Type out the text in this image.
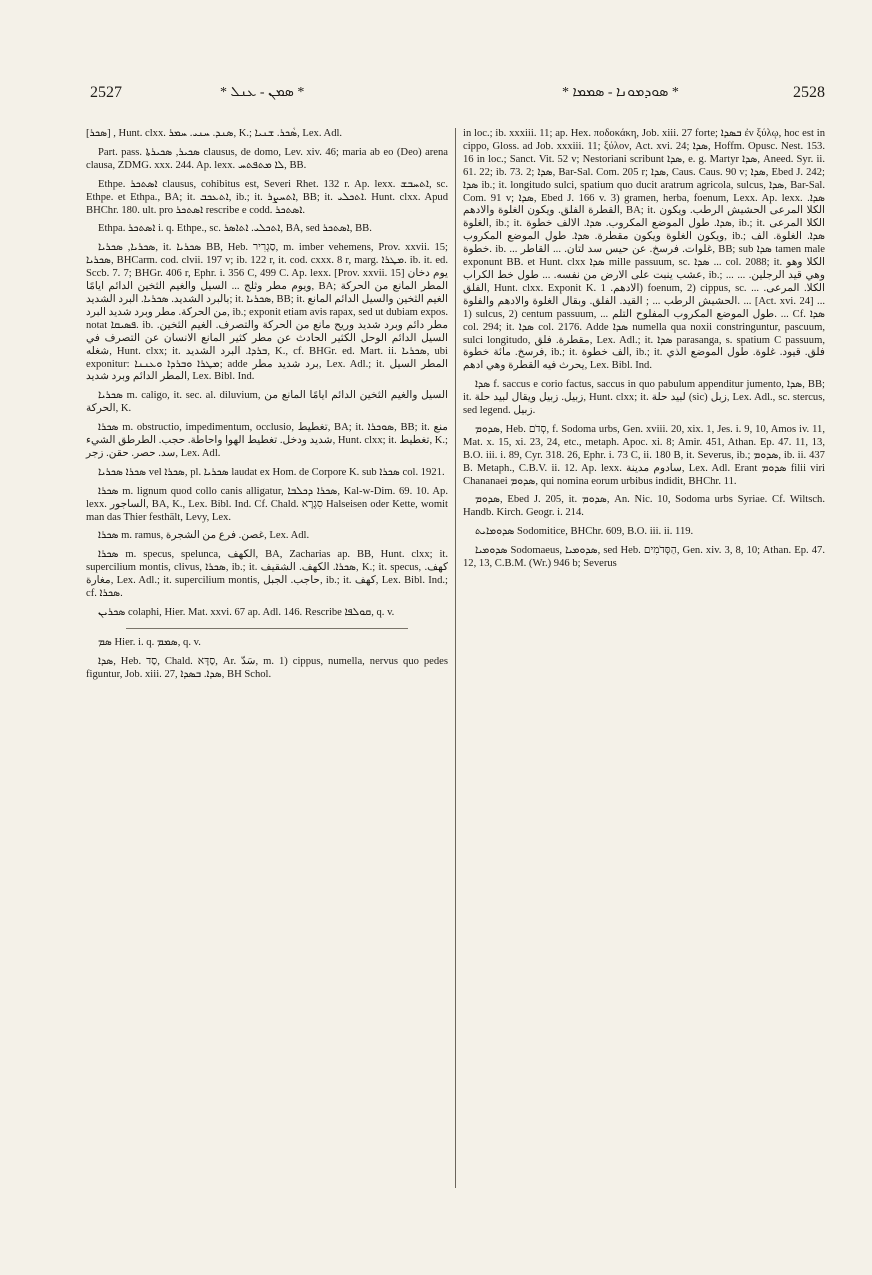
2527	* ܣܡܢ - ܥܢܠ *	* ܣܘܕܡܘܢܐ - ܣܡܡܐ *	2528

[ܣܟܪ] , Hunt. clxx. ܣܢܕ. ܚܢܝ. ܚܡܪ, K.; ܣܵܟܪ. ܫܢܝܐ, Lex. Adl.

Part. pass. ܣܟܝܪ, ܣܟܝܪܬܐ clausus, de domo, Lev. xiv. 46; maria ab eo (Deo) arena clausa, ZDMG. xxx. 244. Ap. lexx. ܠܐ ܡܬܦܬܚ, BB.

Ethpe. ܐܣܬܟܪ clausus, cohibitus est, Severi Rhet. 132 r. Ap. lexx. ܐܬܚܒܫ, sc. Ethpe. et Ethpa., BA; it. ܐܬܥܟܒ, ib.; it. ܐܬܚܨܪ, BB; it. ܐܬܟܠܝ. Hunt. clxx. Apud BHChr. 180. ult. pro ܐܣܬܟܪ rescribe e codd. ܐܣܬܟܪ.

Ethpa. ܐܣܬܟܪ i. q. Ethpe., sc. ܐܬܟܠܝ. ܐܬܐܣܪ, BA, sed ܐܣܬܟܪ, BB.

ܣܟܪܝܐ, ܣܟܪܝܐ, it. ܣܟܪܝܐ BB, Heb. סַגְרִיר, m. imber vehemens, Prov. xxvii. 15; ܣܟܪܝܐ, BHCarm. cod. clvii. 197 v; ib. 122 r, it. cod. cxxx. 8 r, marg. ܡܛܪܐ. ib. it. ed. Sccb. 7. 7; BHGr. 406 r, Ephr. i. 356 C, 499 C. Ap. lexx. [Prov. xxvii. 15] يوم دخان ويوم مطر وثلج ... السيل والغيم الثخين الدائم ايامًا, BA; المطر المانع من الحركة بالبرد الشديد. ܣܟܪܝܐ. البرد الشديد; it. ܣܟܪܝܐ, BB; it. الغيم الثخين والسيل الدائم المانع من الحركة. مطر وبرد شديد البرد, ib.; exponit etiam avis rapax, sed ut dubiam expos. notat ܦܣܝܩܐ. ib. مطر دائم وبرد شديد وريح مانع من الحركة والتصرف. الغيم الثخين. السيل الدائم الوحل الكثير الحادث عن مطر كثير المانع الانسان عن التصرف في شغله, Hunt. clxx; it. ܒܪܕܐ. البرد الشديد, K., cf. BHGr. ed. Mart. ii. ܣܟܪܝܐ, ubi exponitur: ܡܛܪܐ ܘܒܪܕܐ ܘܥܢܢܐ; adde برد شديد مطر, Lex. Adl.; it. المطر السيل المطر الدائم وبرد شديد, Lex. Bibl. Ind.

ܣܟܪܝܐ m. caligo, it. sec. al. diluvium, السيل والغيم الثخين الدائم ايامًا المانع من الحركة, K.

ܣܟܪܐ m. obstructio, impedimentum, occlusio, تغطيط, BA; it. ܣܘܟܪܐ, BB; it. منع شديد ودخل. تغطيط الهوا واحاطة. حجب. الطرطق الشيء, Hunt. clxx; it. تغطيط, K.; سد. حصر. حقن. زجر, Lex. Adl.

ܣܟܪܐ ܣܟܪܝܐ vel ܣܟܪܐ, pl. ܣܟܪܝܐ laudat ex Hom. de Corpore K. sub ܣܟܪܐ col. 1921.

ܣܟܪܐ m. lignum quod collo canis alligatur, ܣܟܪܐ ܕܟܠܒܐ, Kal-w-Dim. 69. 10. Ap. lexx. الساجور, BA, K., Lex. Bibl. Ind. Cf. Chald. סִגְרָא Halseisen oder Kette, womit man das Thier festhält, Levy, Lex.

ܣܟܪܐ m. ramus, غصن. فرع من الشجرة, Lex. Adl.

ܣܟܪܐ m. specus, spelunca, الكهف, BA, Zacharias ap. BB, Hunt. clxx; it. supercilium montis, clivus, ܣܟܪܐ, ib.; it. ܣܟܪܐ. الكهف. الشقيف, K.; it. specus, كهف. مغارة, Lex. Adl.; it. supercilium montis, حاجب. الجبل, ib.; it. كهف, Lex. Bibl. Ind.; cf. ܣܟܪܐ.

ܣܟܪܝܢ colaphi, Hier. Mat. xxvi. 67 ap. Adl. 146. Rescribe ܩܘܠܦܐ, q. v.

ܣܡ Hier. i. q. ܣܡܡ, q. v.

ܣܕܐ, Heb. סַד, Chald. סַדָּא, Ar. سَدّ, m. 1) cippus, numella, nervus quo pedes figuntur, Job. xiii. 27, ܣܕܐ. ܒܣܕܐ, BH Schol.

in loc.; ib. xxxiii. 11; ap. Hex. ποδοκάκη, Job. xiii. 27 forte; ܒܣܕܐ ἐν ξύλῳ, hoc est in cippo, Gloss. ad Job. xxxiii. 11; ξύλον, Act. xvi. 24; ܣܕܐ, Hoffm. Opusc. Nest. 153. 16 in loc.; Sanct. Vit. 52 v; Nestoriani scribunt ܣܕܐ, e. g. Martyr ܣܕܐ, Aneed. Syr. ii. 61. 22; ib. 73. 2; ܣܕܐ, Bar-Sal. Com. 205 r; ܣܕܐ, Caus. Caus. 90 v; ܣܕܐ, Ebed J. 242; ܣܕܐ ib.; it. longitudo sulci, spatium quo ducit aratrum agricola, sulcus, ܣܕܐ, Bar-Sal. Com. 91 v; ܣܕܐ, Ebed J. 166 v. 3) gramen, herba, foenum, Lexx. Ap. lexx. ܣܕܐ. القطرة الفلق. ويكون الغلوة والادهم, BA; it. الكلا المرعى الحشيش الرطب. ويكون الغلوة, ib.; it. ܣܕܐ. طول الموضع المكروب. ܣܕܐ. الالف خطوة, ib.; it. الكلا المرعى ويكون الغلوة ويكون مقطرة. ܣܕܐ. طول الموضع المكروب, ib.; ܣܕܐ. الغلوة. الف خطوة. ib. ... غلوات. فرسخ. عن حيس سد لتان. ... القاطر, BB; sub ܣܕܐ tamen male exponunt BB. et Hunt. clxx ܣܕܐ mille passuum, sc. ܣܕܐ ... col. 2088; it. الكلا وهو عشب ينبت على الارض من نفسه. ... طول خط الكراب, ib.; ... وهي قيد الرجلين. ... الفلق, Hunt. clxx. Exponit K. الادهم. 1) foenum, 2) cippus, sc. ... الكلا. المرعى. الحشيش الرطب ... ; القيد. الفلق. وبقال الغلوة والادهم والفلوة. ... [Act. xvi. 24] ... 1) sulcus, 2) centum passuum, ... طول الموضع المكروب المفلوح التلم. ... Cf. ܣܕܐ col. 294; it. ܣܕܐ col. 2176. Adde ܣܕܐ numella qua noxii constringuntur, pascuum, sulci longitudo, مقطرة. فلق, Lex. Adl.; it. ܣܕܐ parasanga, s. spatium C passuum, فرسخ. مائة خطوة, ib.; it. الف خطوة, ib.; it. فلق. قيود. غلوة. طول الموضع الذي يحرث فيه القطرة وهي ادهم, Lex. Bibl. Ind.

ܣܕܐ f. saccus e corio factus, saccus in quo pabulum appenditur jumento, ܣܕܐ, BB; it. زبيل. زبيل ويقال لبيد حلة, Hunt. clxx; it. لبيد حلة (sic) زبل, Lex. Adl., sc. stercus, sed legend. زبيل.

ܣܕܘܡ, Heb. סְדֹם, f. Sodoma urbs, Gen. xviii. 20, xix. 1, Jes. i. 9, 10, Amos iv. 11, Mat. x. 15, xi. 23, 24, etc., metaph. Apoc. xi. 8; Amir. 451, Athan. Ep. 47. 11, 13, B.O. iii. i. 89, Cyr. 318. 26, Ephr. i. 73 C, ii. 180 B, it. Severus, ib.; ܣܕܘܡ, ib. ii. 437 B. Metaph., C.B.V. ii. 12. Ap. lexx. سادوم مدينة, Lex. Adl. Erant ܣܕܘܡ filii viri Chananaei ܣܕܘܡ, qui nomina eorum urbibus indidit, BHChr. 11.

ܣܕܘܡ, Ebed J. 205, it. ܣܕܘܡ, An. Nic. 10, Sodoma urbs Syriae. Cf. Wiltsch. Handb. Kirch. Geogr. i. 214.

ܣܕܘܡܐܝܬ Sodomitice, BHChr. 609, B.O. iii. ii. 119.

ܣܕܘܡܝܐ Sodomaeus, ܣܕܘܡܝܐ, sed Heb. הַסְּדֹמִים, Gen. xiv. 3, 8, 10; Athan. Ep. 47. 12, 13, C.B.M. (Wr.) 946 b; Severus
